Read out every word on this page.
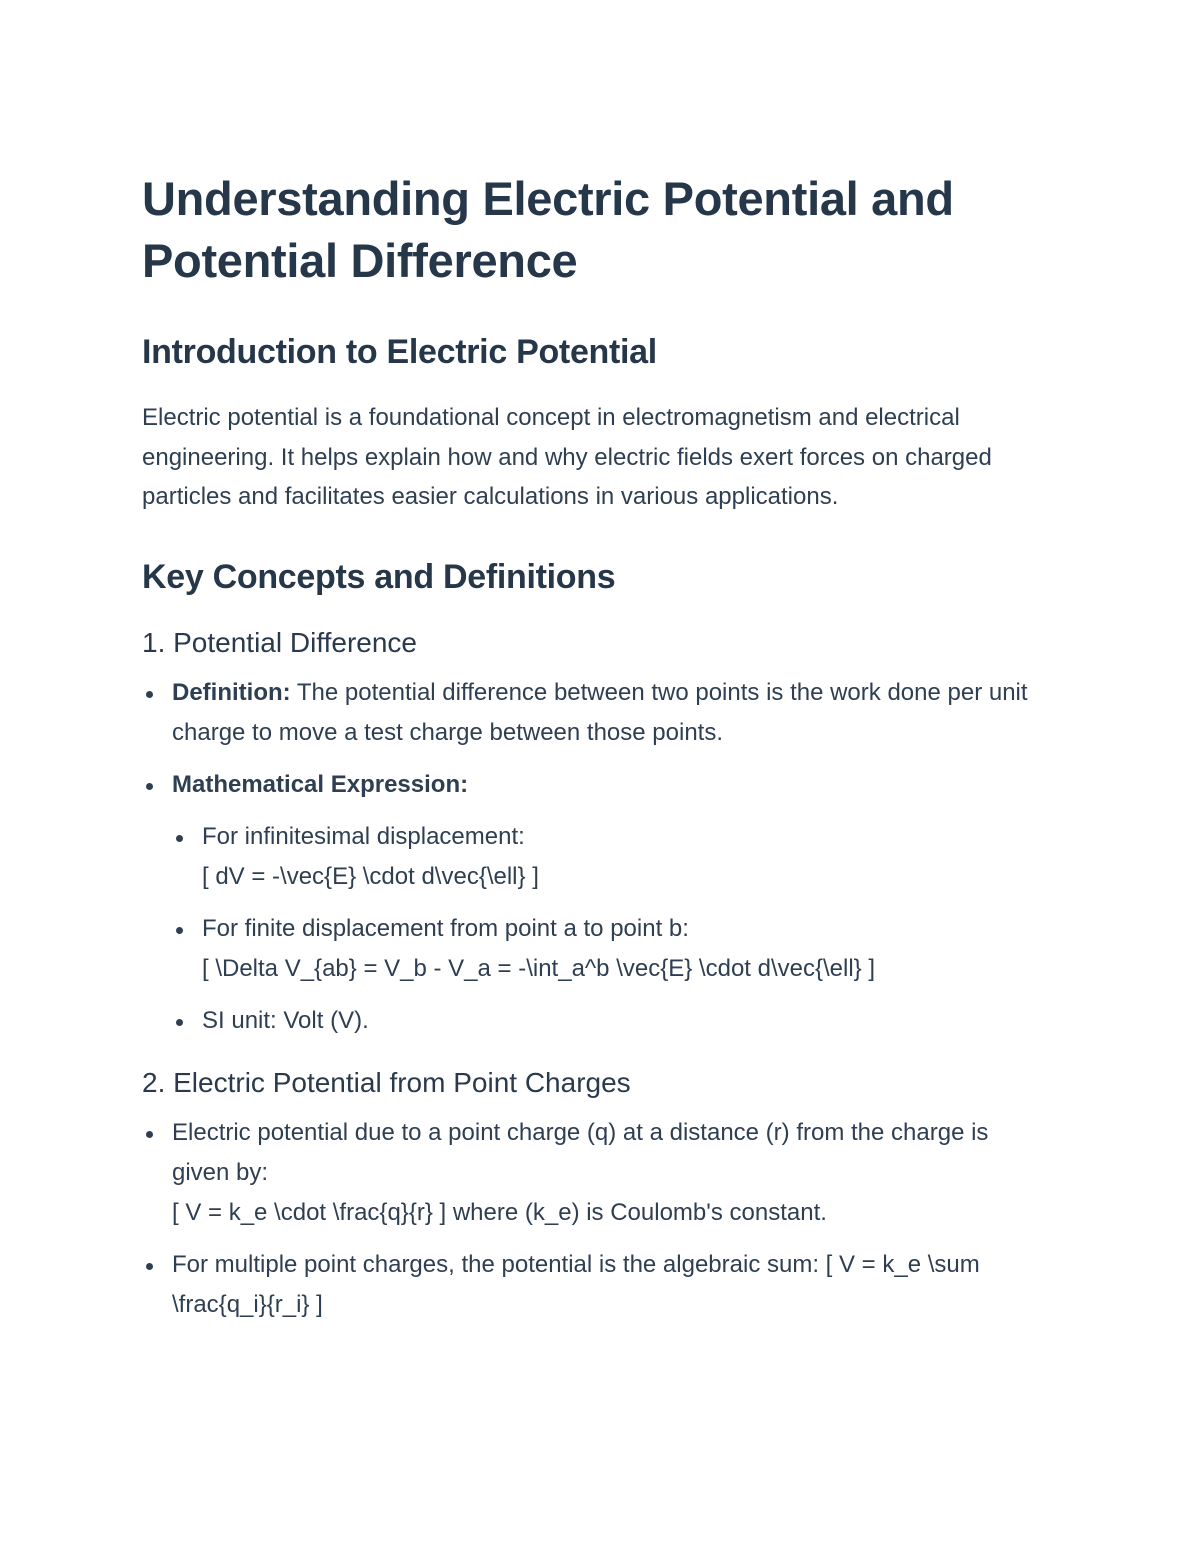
Understanding Electric Potential and Potential Difference
Introduction to Electric Potential

Electric potential is a foundational concept in electromagnetism and electrical engineering. It helps explain how and why electric fields exert forces on charged particles and facilitates easier calculations in various applications.

Key Concepts and Definitions
1. Potential Difference
Definition: The potential difference between two points is the work done per unit charge to move a test charge between those points.
Mathematical Expression:
For infinitesimal displacement:
[ dV = -\vec{E} \cdot d\vec{\ell} ]
For finite displacement from point a to point b:
[ \Delta V_{ab} = V_b - V_a = -\int_a^b \vec{E} \cdot d\vec{\ell} ]
SI unit: Volt (V).
2. Electric Potential from Point Charges
Electric potential due to a point charge (q) at a distance (r) from the charge is given by:
[ V = k_e \cdot \frac{q}{r} ] where (k_e) is Coulomb's constant.
For multiple point charges, the potential is the algebraic sum: [ V = k_e \sum \frac{q_i}{r_i} ]
